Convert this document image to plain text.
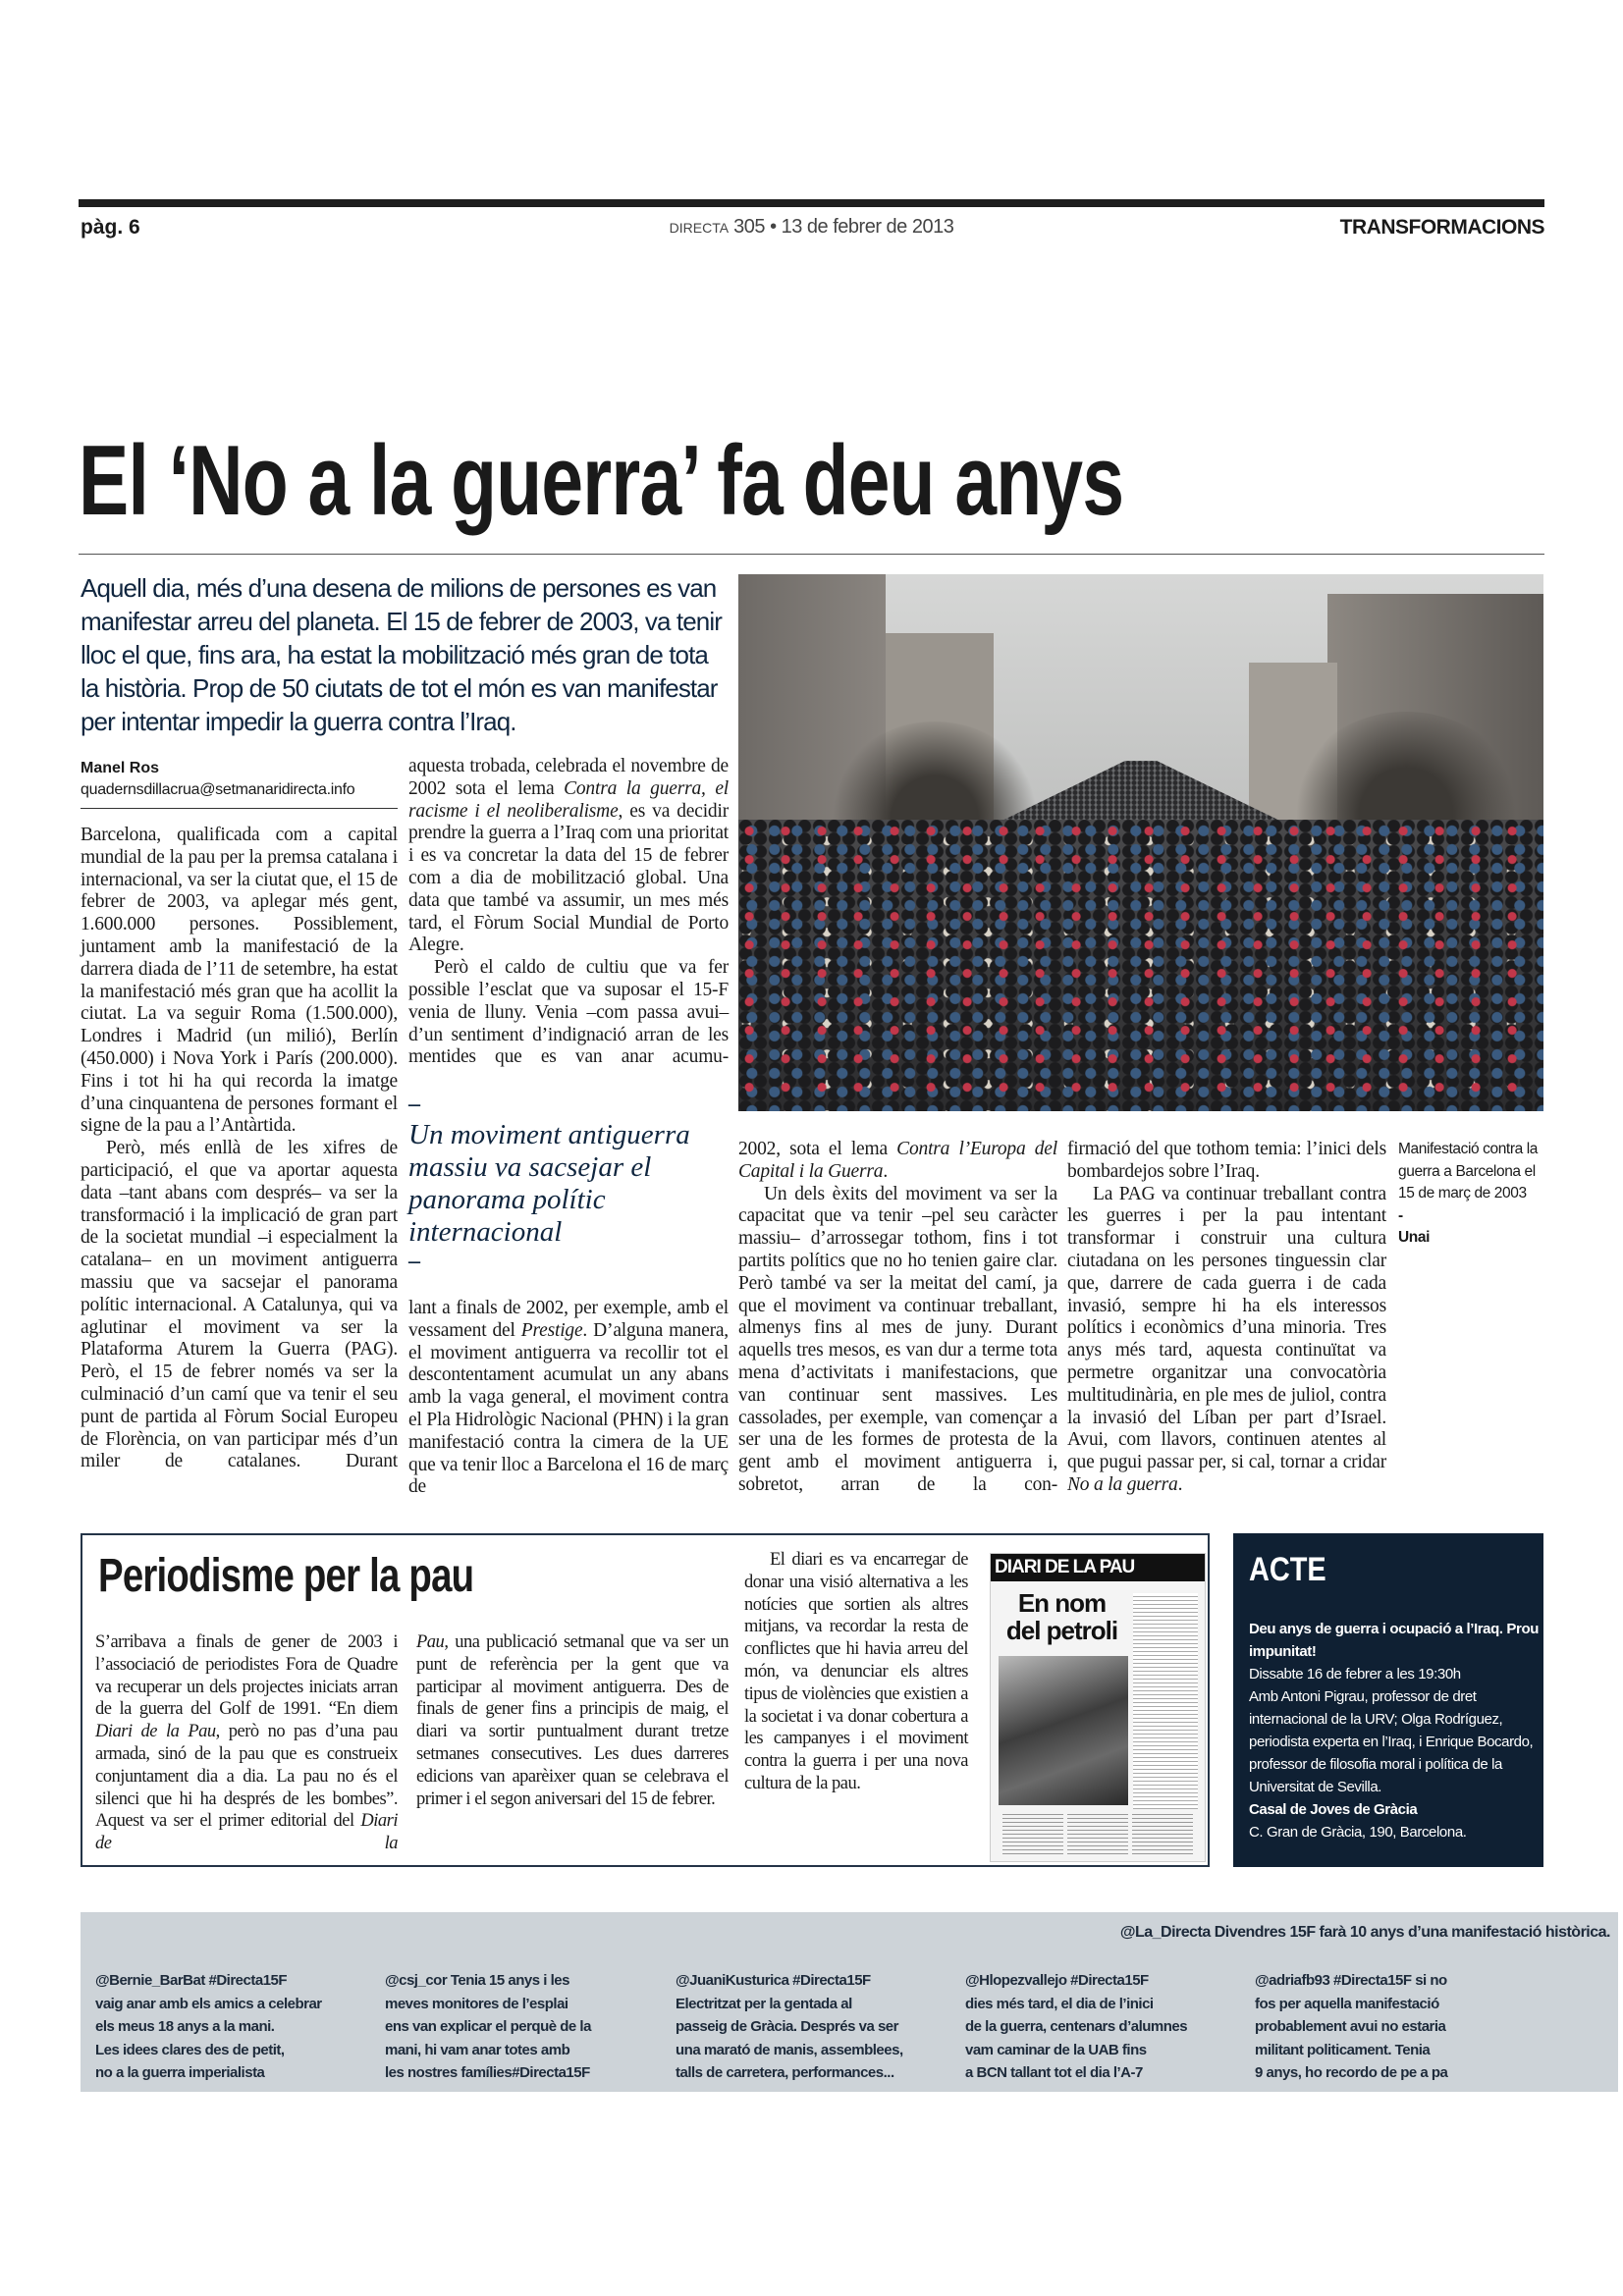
pàg. 6	DIRECTA 305 • 13 de febrer de 2013	TRANSFORMACIONS
El ‘No a la guerra’ fa deu anys
Aquell dia, més d’una desena de milions de persones es van manifestar arreu del planeta. El 15 de febrer de 2003, va tenir lloc el que, fins ara, ha estat la mobilització més gran de tota la història. Prop de 50 ciutats de tot el món es van manifestar per intentar impedir la guerra contra l’Iraq.
Manel Ros
quadernsdillacrua@setmanaridirecta.info

Barcelona, qualificada com a capital mundial de la pau per la premsa catalana i internacional, va ser la ciutat que, el 15 de febrer de 2003, va aplegar més gent, 1.600.000 persones. Possiblement, juntament amb la manifestació de la darrera diada de l’11 de setembre, ha estat la manifestació més gran que ha acollit la ciutat. La va seguir Roma (1.500.000), Londres i Madrid (un milió), Berlín (450.000) i Nova York i París (200.000). Fins i tot hi ha qui recorda la imatge d’una cinquantena de persones formant el signe de la pau a l’Antàrtida.

Però, més enllà de les xifres de participació, el que va aportar aquesta data –tant abans com després– va ser la transformació i la implicació de gran part de la societat mundial –i especialment la catalana– en un moviment antiguerra massiu que va sacsejar el panorama polític internacional. A Catalunya, qui va aglutinar el moviment va ser la Plataforma Aturem la Guerra (PAG). Però, el 15 de febrer només va ser la culminació d’un camí que va tenir el seu punt de partida al Fòrum Social Europeu de Florència, on van participar més d’un miler de catalanes. Durant

aquesta trobada, celebrada el novembre de 2002 sota el lema Contra la guerra, el racisme i el neoliberalisme, es va decidir prendre la guerra a l’Iraq com una prioritat i es va concretar la data del 15 de febrer com a dia de mobilització global. Una data que també va assumir, un mes més tard, el Fòrum Social Mundial de Porto Alegre.

Però el caldo de cultiu que va fer possible l’esclat que va suposar el 15-F venia de lluny. Venia –com passa avui– d’un sentiment d’indignació arran de les mentides que es van anar acumu-

–
Un moviment antiguerra massiu va sacsejar el panorama polític internacional
–

lant a finals de 2002, per exemple, amb el vessament del Prestige. D’alguna manera, el moviment antiguerra va recollir tot el descontentament acumulat un any abans amb la vaga general, el moviment contra el Pla Hidrològic Nacional (PHN) i la gran manifestació contra la cimera de la UE que va tenir lloc a Barcelona el 16 de març de

2002, sota el lema Contra l’Europa del Capital i la Guerra.

Un dels èxits del moviment va ser la capacitat que va tenir –pel seu caràcter massiu– d’arrossegar tothom, fins i tot partits polítics que no ho tenien gaire clar. Però també va ser la meitat del camí, ja que el moviment va continuar treballant, almenys fins al mes de juny. Durant aquells tres mesos, es van dur a terme tota mena d’activitats i manifestacions, que van continuar sent massives. Les cassolades, per exemple, van començar a ser una de les formes de protesta de la gent amb el moviment antiguerra i, sobretot, arran de la con-

firmació del que tothom temia: l’inici dels bombardejos sobre l’Iraq.

La PAG va continuar treballant contra les guerres i per la pau intentant transformar i construir una cultura ciutadana on les persones tinguessin clar que, darrere de cada guerra i de cada invasió, sempre hi ha els interessos polítics i econòmics d’una minoria. Tres anys més tard, aquesta continuïtat va permetre organitzar una convocatòria multitudinària, en ple mes de juliol, contra la invasió del Líban per part d’Israel. Avui, com llavors, continuen atentes al que pugui passar per, si cal, tornar a cridar No a la guerra.

Manifestació contra la guerra a Barcelona el 15 de març de 2003
-
Unai
Periodisme per la pau

S’arribava a finals de gener de 2003 i l’associació de periodistes Fora de Quadre va recuperar un dels projectes iniciats arran de la guerra del Golf de 1991. “En diem Diari de la Pau, però no pas d’una pau armada, sinó de la pau que es construeix conjuntament dia a dia. La pau no és el silenci que hi ha després de les bombes”. Aquest va ser el primer editorial del Diari de la

Pau, una publicació setmanal que va ser un punt de referència per la gent que va participar al moviment antiguerra. Des de finals de gener fins a principis de maig, el diari va sortir puntualment durant tretze setmanes consecutives. Les dues darreres edicions van aparèixer quan se celebrava el primer i el segon aniversari del 15 de febrer.

El diari es va encarregar de donar una visió alternativa a les notícies que sortien als altres mitjans, va recordar la resta de conflictes que hi havia arreu del món, va denunciar els altres tipus de violències que existien a la societat i va donar cobertura a les campanyes i el moviment contra la guerra i per una nova cultura de la pau.

DIARI DE LA PAU
En nom del petroli
ACTE
Deu anys de guerra i ocupació a l’Iraq. Prou impunitat!
Dissabte 16 de febrer a les 19:30h
Amb Antoni Pigrau, professor de dret internacional de la URV; Olga Rodríguez, periodista experta en l’Iraq, i Enrique Bocardo, professor de filosofia moral i política de la Universitat de Sevilla.
Casal de Joves de Gràcia
C. Gran de Gràcia, 190, Barcelona.
@La_Directa Divendres 15F farà 10 anys d’una manifestació històrica.
@Bernie_BarBat #Directa15F
vaig anar amb els amics a celebrar
els meus 18 anys a la mani.
Les idees clares des de petit,
no a la guerra imperialista
@csj_cor Tenia 15 anys i les
meves monitores de l’esplai
ens van explicar el perquè de la
mani, hi vam anar totes amb
les nostres famílies#Directa15F
@JuaniKusturica #Directa15F
Electritzat per la gentada al
passeig de Gràcia. Després va ser
una marató de manis, assemblees,
talls de carretera, performances...
@Hlopezvallejo #Directa15F
dies més tard, el dia de l’inici
de la guerra, centenars d’alumnes
vam caminar de la UAB fins
a BCN tallant tot el dia l’A-7
@adriafb93 #Directa15F si no
fos per aquella manifestació
probablement avui no estaria
militant politicament. Tenia
9 anys, ho recordo de pe a pa
